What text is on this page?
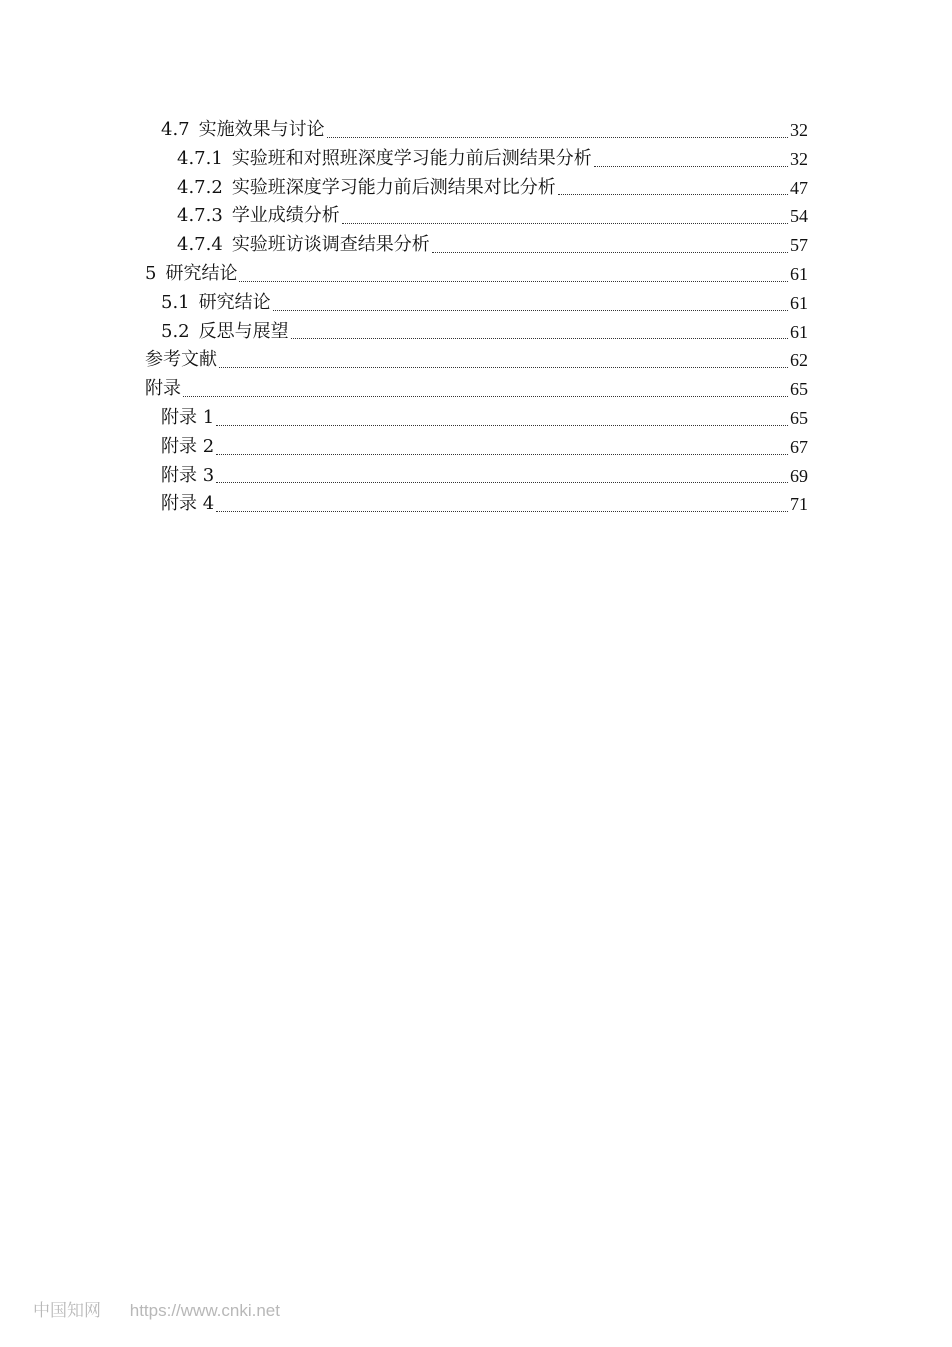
4.7 实施效果与讨论	32
4.7.1 实验班和对照班深度学习能力前后测结果分析	32
4.7.2 实验班深度学习能力前后测结果对比分析	47
4.7.3 学业成绩分析	54
4.7.4 实验班访谈调查结果分析	57
5 研究结论	61
5.1 研究结论	61
5.2 反思与展望	61
参考文献	62
附录	65
附录 1	65
附录 2	67
附录 3	69
附录 4	71
中国知网 https://www.cnki.net
